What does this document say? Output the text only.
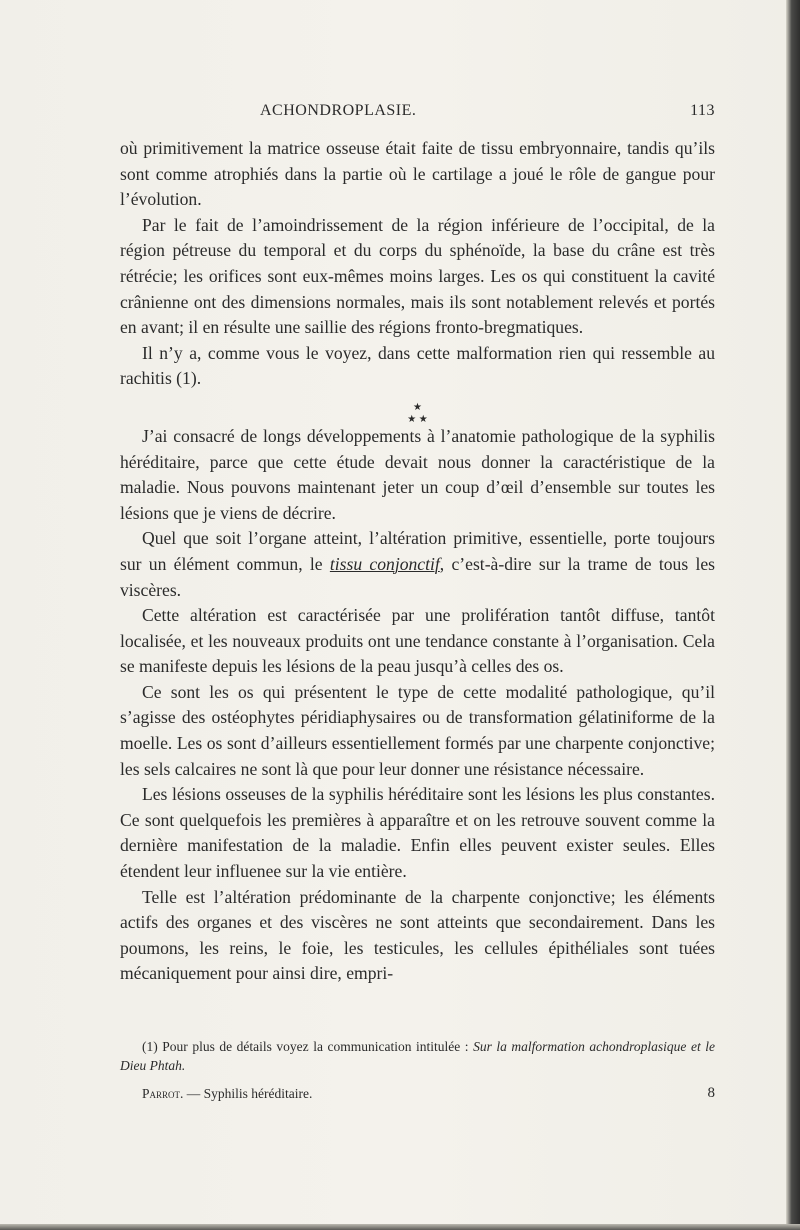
ACHONDROPLASIE.	113

où primitivement la matrice osseuse était faite de tissu embryonnaire, tandis qu’ils sont comme atrophiés dans la partie où le cartilage a joué le rôle de gangue pour l’évolution.

Par le fait de l’amoindrissement de la région inférieure de l’occipital, de la région pétreuse du temporal et du corps du sphénoïde, la base du crâne est très rétrécie; les orifices sont eux-mêmes moins larges. Les os qui constituent la cavité crânienne ont des dimensions normales, mais ils sont notablement relevés et portés en avant; il en résulte une saillie des régions fronto-bregmatiques.

Il n’y a, comme vous le voyez, dans cette malformation rien qui ressemble au rachitis (1).

★
★ ★

J’ai consacré de longs développements à l’anatomie pathologique de la syphilis héréditaire, parce que cette étude devait nous donner la caractéristique de la maladie. Nous pouvons maintenant jeter un coup d’œil d’ensemble sur toutes les lésions que je viens de décrire.

Quel que soit l’organe atteint, l’altération primitive, essentielle, porte toujours sur un élément commun, le tissu conjonctif, c’est-à-dire sur la trame de tous les viscères.

Cette altération est caractérisée par une prolifération tantôt diffuse, tantôt localisée, et les nouveaux produits ont une tendance constante à l’organisation. Cela se manifeste depuis les lésions de la peau jusqu’à celles des os.

Ce sont les os qui présentent le type de cette modalité pathologique, qu’il s’agisse des ostéophytes péridiaphysaires ou de transformation gélatiniforme de la moelle. Les os sont d’ailleurs essentiellement formés par une charpente conjonctive; les sels calcaires ne sont là que pour leur donner une résistance nécessaire.

Les lésions osseuses de la syphilis héréditaire sont les lésions les plus constantes. Ce sont quelquefois les premières à apparaître et on les retrouve souvent comme la dernière manifestation de la maladie. Enfin elles peuvent exister seules. Elles étendent leur influenee sur la vie entière.

Telle est l’altération prédominante de la charpente conjonctive; les éléments actifs des organes et des viscères ne sont atteints que secondairement. Dans les poumons, les reins, le foie, les testicules, les cellules épithéliales sont tuées mécaniquement pour ainsi dire, empri-

(1) Pour plus de détails voyez la communication intitulée : Sur la malformation achondroplasique et le Dieu Phtah.

Parrot. — Syphilis héréditaire.	8
